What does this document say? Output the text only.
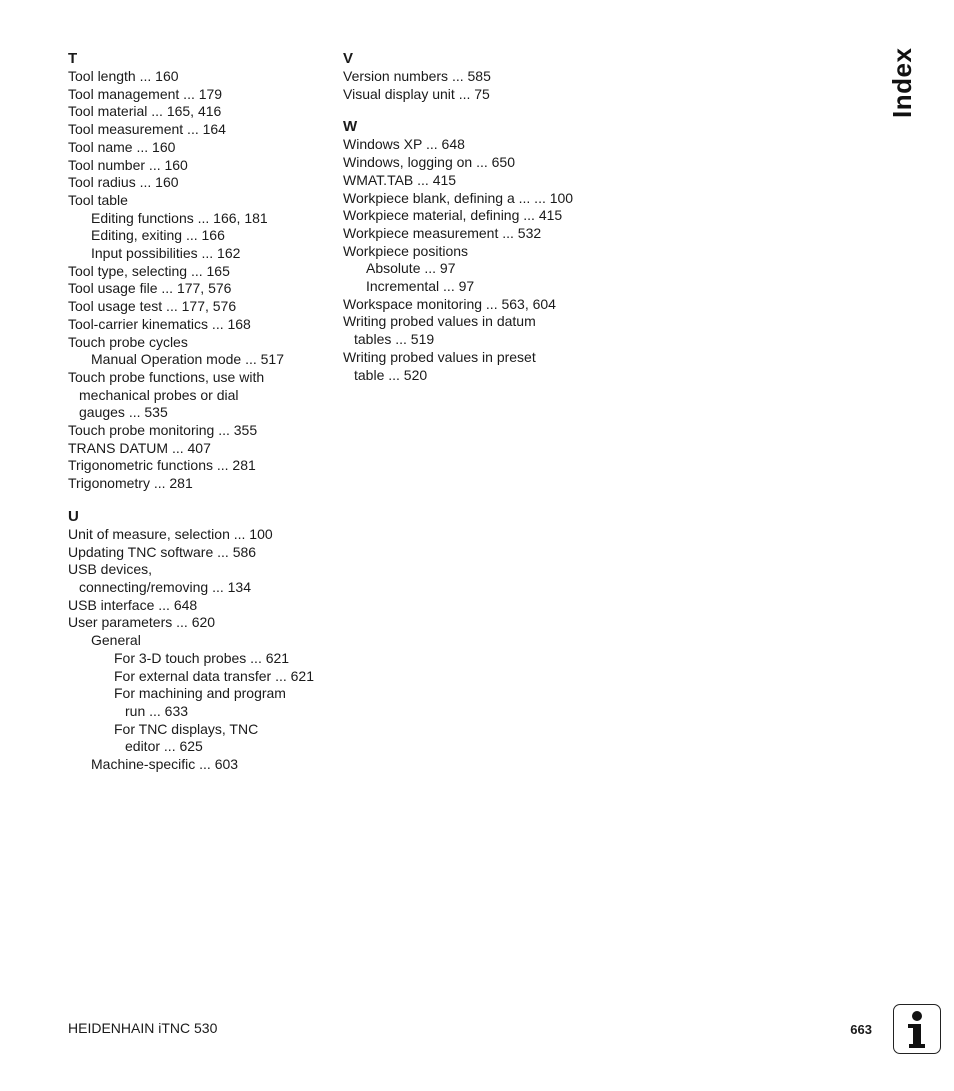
T
Tool length ... 160
Tool management ... 179
Tool material ... 165, 416
Tool measurement ... 164
Tool name ... 160
Tool number ... 160
Tool radius ... 160
Tool table
Editing functions ... 166, 181
Editing, exiting ... 166
Input possibilities ... 162
Tool type, selecting ... 165
Tool usage file ... 177, 576
Tool usage test ... 177, 576
Tool-carrier kinematics ... 168
Touch probe cycles
Manual Operation mode ... 517
Touch probe functions, use with
mechanical probes or dial
gauges ... 535
Touch probe monitoring ... 355
TRANS DATUM ... 407
Trigonometric functions ... 281
Trigonometry ... 281
U
Unit of measure, selection ... 100
Updating TNC software ... 586
USB devices,
connecting/removing ... 134
USB interface ... 648
User parameters ... 620
General
For 3-D touch probes ... 621
For external data transfer ... 621
For machining and program
run ... 633
For TNC displays, TNC
editor ... 625
Machine-specific ... 603
V
Version numbers ... 585
Visual display unit ... 75
W
Windows XP ... 648
Windows, logging on ... 650
WMAT.TAB ... 415
Workpiece blank, defining a ... ... 100
Workpiece material, defining ... 415
Workpiece measurement ... 532
Workpiece positions
Absolute ... 97
Incremental ... 97
Workspace monitoring ... 563, 604
Writing probed values in datum
tables ... 519
Writing probed values in preset
table ... 520
Index
HEIDENHAIN iTNC 530	663
